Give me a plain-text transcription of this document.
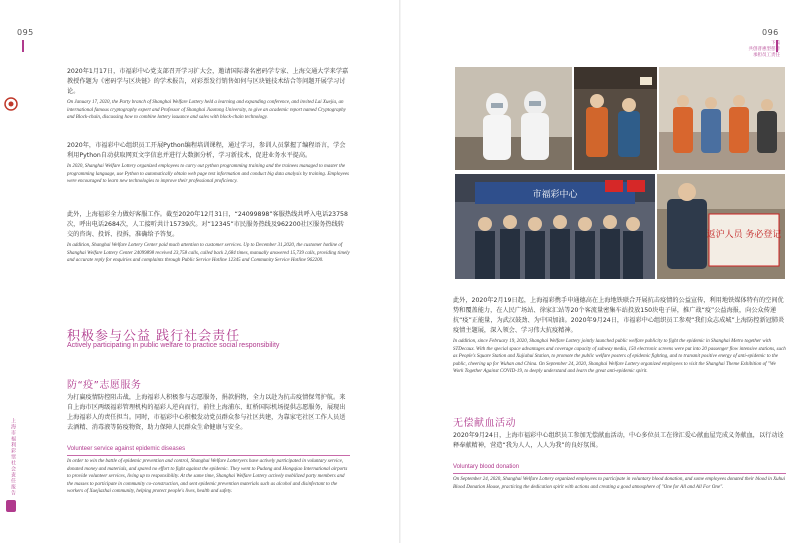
095	096
下篇
共创普惠型慈善
承担员工责任
上海市福利彩票社会责任报告
2020年1月17日，市福彩中心党支部召开学习扩大会，邀请国际著名密码学专家、上海交通大学来学嘉教授作题为《密码学与区块链》的学术报告，对彩票发行销售如何与区块链技术结合等问题开展学习讨论。
On January 17, 2020, the Party branch of Shanghai Welfare Lottery held a learning and expanding conference, and invited Lai Xuejia, an international famous cryptography expert and Professor of Shanghai Jiaotong University, to give an academic report named Cryptography and Block-chain, discussing how to combine lottery issuance and sales with block-chain technology.
2020年，市福彩中心组织员工开展Python编程培训课程，通过学习，参训人员掌握了编程语言，学会利用Python自动获取网页文字信息并进行大数据分析，学习新技术，促进业务水平提高。
In 2020, Shanghai Welfare Lottery organized employees to carry out python programming training and the trainees managed to master the programming language, use Python to automatically obtain web page text information and conduct big data analysis by training. Employees were encouraged to learn new technologies to improve their professional proficiency.
此外，上海福彩全力做好客服工作。截至2020年12月31日，“24099898”客服热线共呼入电话23758次，呼出电话2684次，人工接听共计15739次。对“12345”市民服务热线及962200社区服务热线转交的咨询、投诉、投拆，准确给予答复。
In addition, Shanghai Welfare Lottery Center paid much attention to customer services. Up to December 31,2020, the customer hotline of Shanghai Welfare Lottery Center 24099898 received 23,758 calls, called back 2,684 times, manually answered 15,739 calls, providing timely and accurate reply for enquiries and complaints through Public Service Hotline 12345 and Community Service Hotline 962200.
积极参与公益 践行社会责任
Actively participating in public welfare to practice social responsibility
防“疫”志愿服务
为打赢疫情防控阻击战，上海福彩人积极参与志愿服务，捐款捐物，全力以赴为抗击疫情保驾护航。来自上海市区两级福彩管理机构的福彩人逆向而行，前往上海浦东、虹桥国际机场提供志愿服务，展现出上海福彩人的责任担当。同时，市福彩中心积极发动党员群众参与社区共建，为靠家宅社区工作人员送去酒精、消毒液等防疫物资，助力保障人民群众生命健康与安全。
Volunteer service against epidemic diseases
In order to win the battle of epidemic prevention and control, Shanghai Welfare Lotteryers have actively participated in voluntary service, donated money and materials, and spared no effort to fight against the epidemic. They went to Pudong and Hongqiao International airports to provide volunteer services, living up to responsibility. At the same time, Shanghai Welfare Lottery actively mobilized party members and the masses to participate in community co-construction, and sent epidemic prevention materials such as alcohol and disinfectant to the workers of Xuejiazhai community, helping protect people's lives, health and safety.
市福彩中心
返沪人员 务必登记
此外，2020年2月19日起，上海福彩携手申通德高在上海地铁联合开展抗击疫情的公益宣传，利用地铁媒体特有的空间优势和覆盖能力，在人民广场站、徐家汇站等20个客流量密集车站投放150块电子屏，推广战“疫”公益海报，向公众传递抗“疫”正能量，为武汉鼓劲、为中国加油。2020年9月24日，市福彩中心组织员工参观“我们众志成城”上海防控新冠肺炎疫情主题展，深入领会、学习伟大抗疫精神。
In addition, since February 19, 2020, Shanghai Welfare Lottery jointly launched public welfare publicity to fight the epidemic in Shanghai Metro together with STDecaux. With the special space advantages and coverage capacity of subway media, 150 electronic screens were put into 20 passenger flow intensive stations, such as People's Square Station and Xujiahui Station, to promote the public welfare posters of epidemic fighting, and to transmit positive energy of anti-epidemic to the public, cheering up for Wuhan and China. On September 24, 2020, Shanghai Welfare Lottery organized employees to visit the Shanghai Theme Exhibition of "We Work Together Against COVID-19, to deeply understand and learn the great anti-epidemic spirit.
无偿献血活动
2020年9月24日，上海市福彩中心组织员工参加无偿献血活动，中心多位员工在徐汇爱心献血屋完成义务献血，以行动诠释奉献精神，营造“我为人人，人人为我”的良好氛围。
Voluntary blood donation
On September 24, 2020, Shanghai Welfare Lottery organized employees to participate in voluntary blood donation, and some employees donated their blood in Xuhui Blood Donation House, practicing the dedication spirit with actions and creating a good atmosphere of "One for All and All For One".
